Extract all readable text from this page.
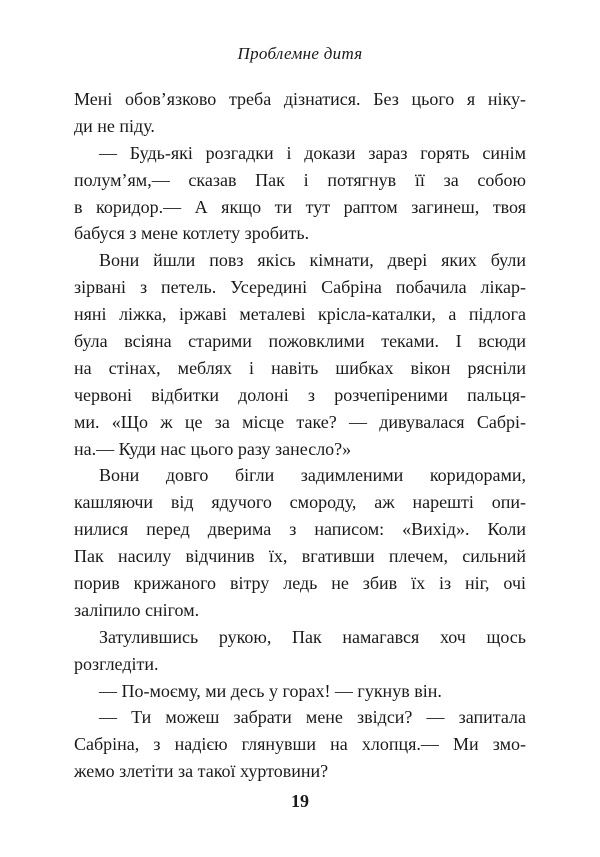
Проблемне дитя
Мені обов’язково треба дізнатися. Без цього я ніку-
ди не піду.
— Будь-які розгадки і докази зараз горять синім
полум’ям,— сказав Пак і потягнув її за собою
в коридор.— А якщо ти тут раптом загинеш, твоя
бабуся з мене котлету зробить.
Вони йшли повз якісь кімнати, двері яких були
зірвані з петель. Усередині Сабріна побачила лікар-
няні ліжка, іржаві металеві крісла-каталки, а підлога
була всіяна старими пожовклими теками. І всюди
на стінах, меблях і навіть шибках вікон рясніли
червоні відбитки долоні з розчепіреними пальця-
ми. «Що ж це за місце таке? — дивувалася Сабрі-
на.— Куди нас цього разу занесло?»
Вони довго бігли задимленими коридорами,
кашляючи від ядучого смороду, аж нарешті опи-
нилися перед дверима з написом: «Вихід». Коли
Пак насилу відчинив їх, вгативши плечем, сильний
порив крижаного вітру ледь не збив їх із ніг, очі
заліпило снігом.
Затулившись рукою, Пак намагався хоч щось
розгледіти.
— По-моєму, ми десь у горах! — гукнув він.
— Ти можеш забрати мене звідси? — запитала
Сабріна, з надією глянувши на хлопця.— Ми змо-
жемо злетіти за такої хуртовини?
19
